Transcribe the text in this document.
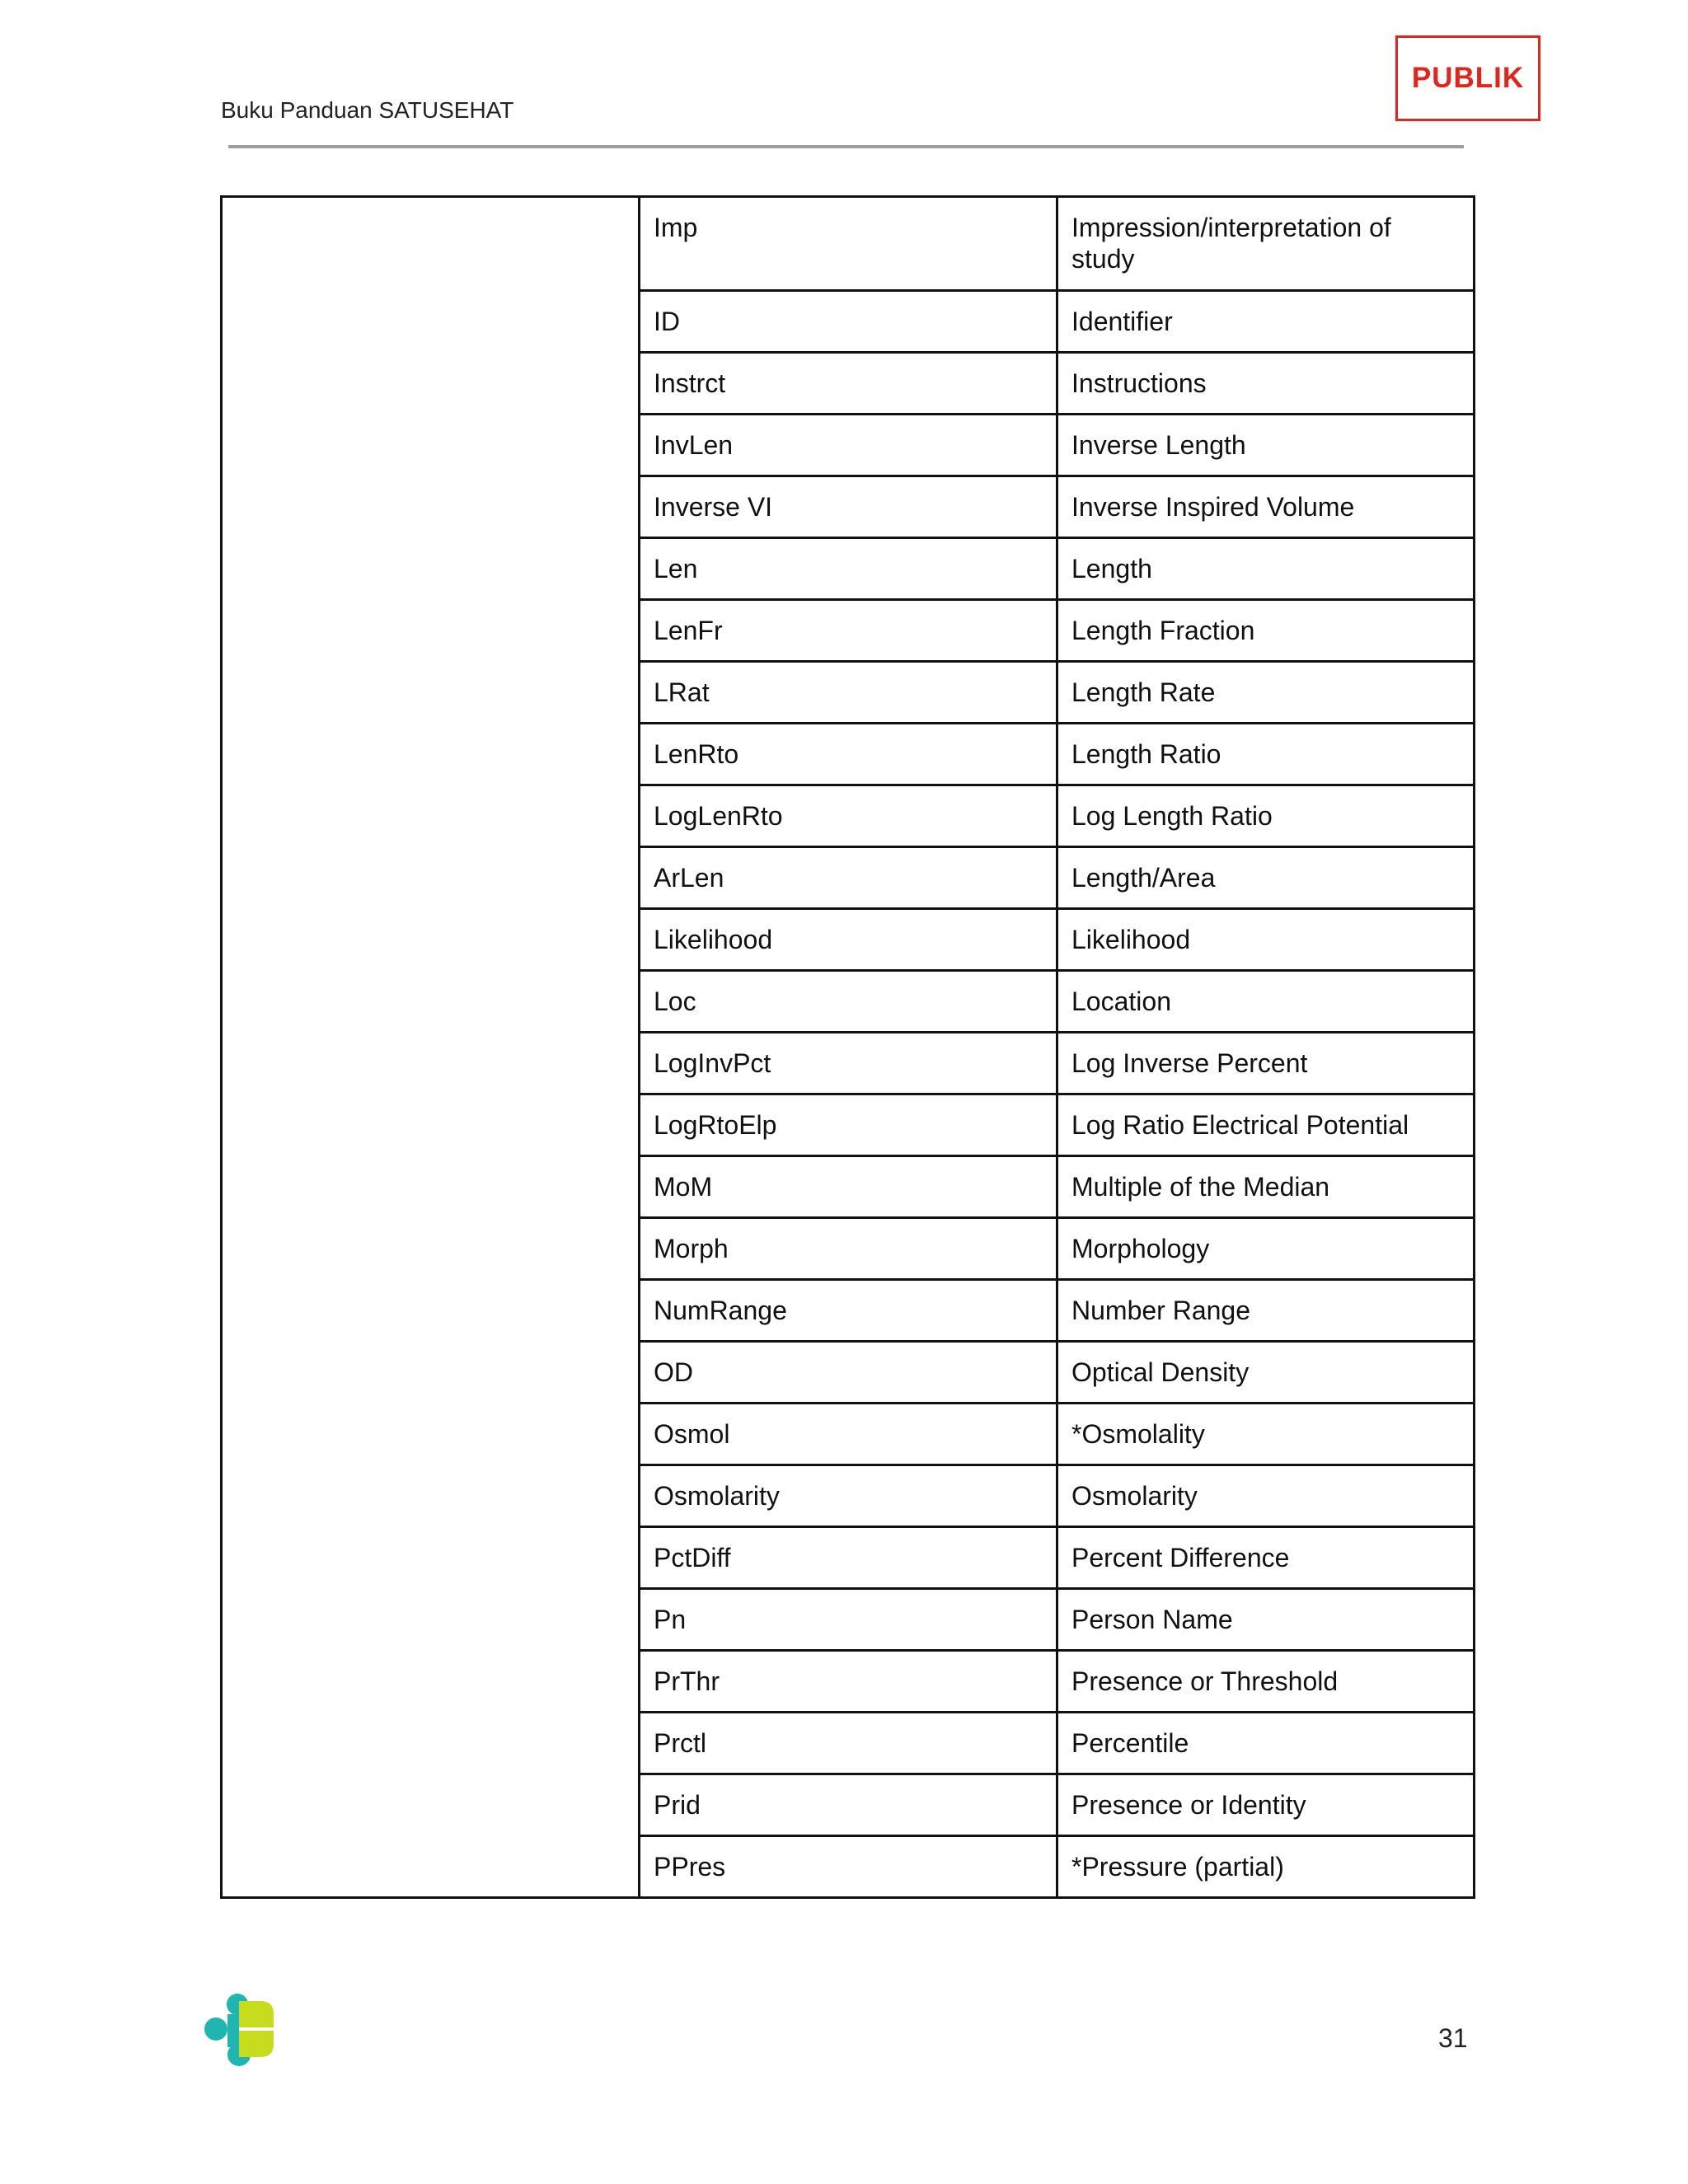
Buku Panduan SATUSEHAT
PUBLIK
	Imp	Impression/interpretation of study
	ID	Identifier
	Instrct	Instructions
	InvLen	Inverse Length
	Inverse VI	Inverse Inspired Volume
	Len	Length
	LenFr	Length Fraction
	LRat	Length Rate
	LenRto	Length Ratio
	LogLenRto	Log Length Ratio
	ArLen	Length/Area
	Likelihood	Likelihood
	Loc	Location
	LogInvPct	Log Inverse Percent
	LogRtoElp	Log Ratio Electrical Potential
	MoM	Multiple of the Median
	Morph	Morphology
	NumRange	Number Range
	OD	Optical Density
	Osmol	*Osmolality
	Osmolarity	Osmolarity
	PctDiff	Percent Difference
	Pn	Person Name
	PrThr	Presence or Threshold
	Prctl	Percentile
	Prid	Presence or Identity
	PPres	*Pressure (partial)
31
